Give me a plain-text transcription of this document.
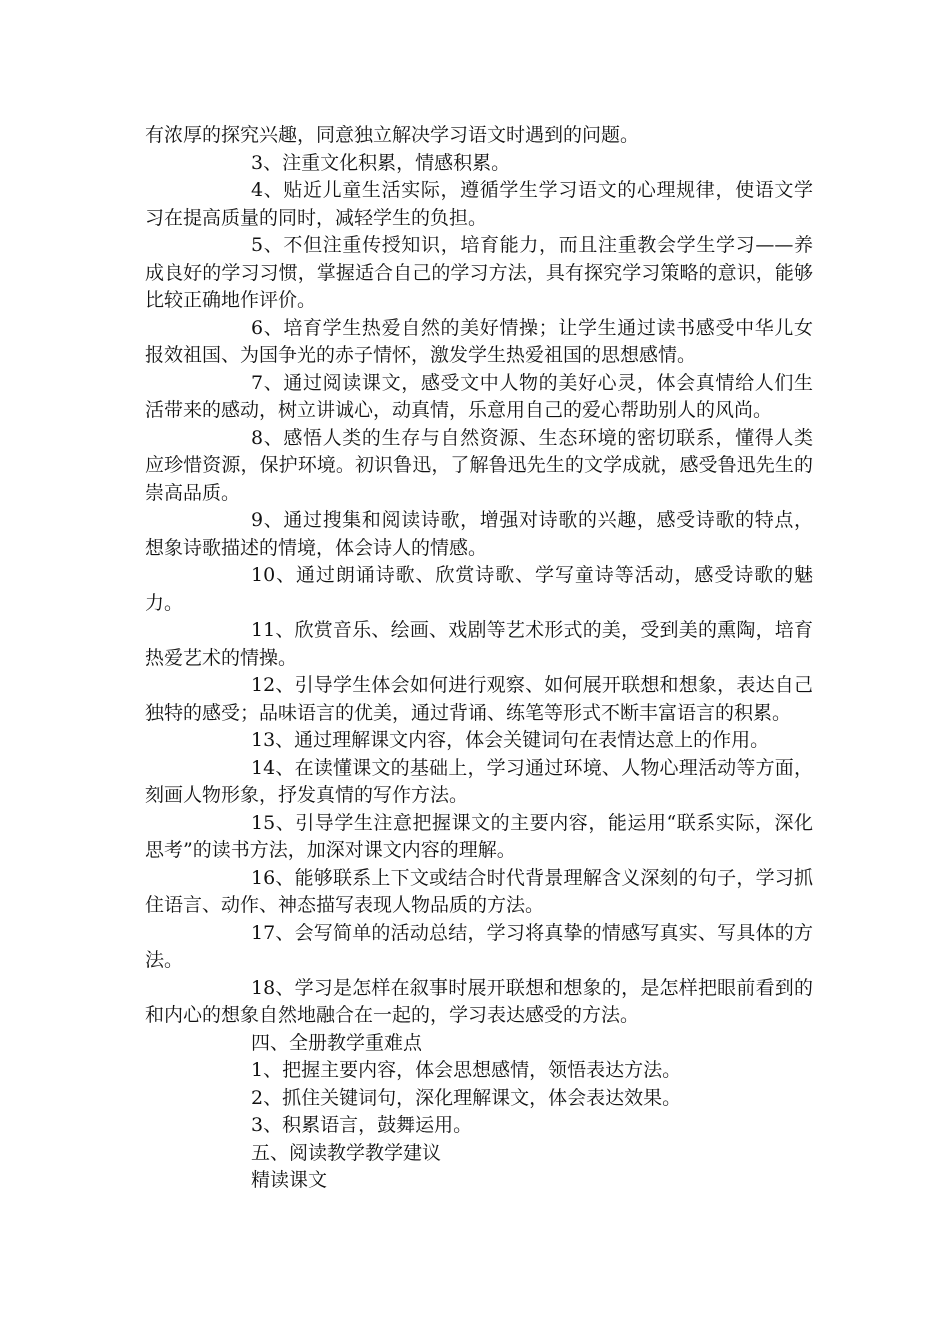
有浓厚的探究兴趣，同意独立解决学习语文时遇到的问题。

3、注重文化积累，情感积累。

4、贴近儿童生活实际，遵循学生学习语文的心理规律，使语文学习在提高质量的同时，减轻学生的负担。

5、不但注重传授知识，培育能力，而且注重教会学生学习——养成良好的学习习惯，掌握适合自己的学习方法，具有探究学习策略的意识，能够比较正确地作评价。

6、培育学生热爱自然的美好情操；让学生通过读书感受中华儿女报效祖国、为国争光的赤子情怀，激发学生热爱祖国的思想感情。

7、通过阅读课文，感受文中人物的美好心灵，体会真情给人们生活带来的感动，树立讲诚心，动真情，乐意用自己的爱心帮助别人的风尚。

8、感悟人类的生存与自然资源、生态环境的密切联系，懂得人类应珍惜资源，保护环境。初识鲁迅，了解鲁迅先生的文学成就，感受鲁迅先生的崇高品质。

9、通过搜集和阅读诗歌，增强对诗歌的兴趣，感受诗歌的特点，想象诗歌描述的情境，体会诗人的情感。

10、通过朗诵诗歌、欣赏诗歌、学写童诗等活动，感受诗歌的魅力。

11、欣赏音乐、绘画、戏剧等艺术形式的美，受到美的熏陶，培育热爱艺术的情操。

12、引导学生体会如何进行观察、如何展开联想和想象，表达自己独特的感受；品味语言的优美，通过背诵、练笔等形式不断丰富语言的积累。

13、通过理解课文内容，体会关键词句在表情达意上的作用。

14、在读懂课文的基础上，学习通过环境、人物心理活动等方面，刻画人物形象，抒发真情的写作方法。

15、引导学生注意把握课文的主要内容，能运用“联系实际，深化思考”的读书方法，加深对课文内容的理解。

16、能够联系上下文或结合时代背景理解含义深刻的句子，学习抓住语言、动作、神态描写表现人物品质的方法。

17、会写简单的活动总结，学习将真挚的情感写真实、写具体的方法。

18、学习是怎样在叙事时展开联想和想象的，是怎样把眼前看到的和内心的想象自然地融合在一起的，学习表达感受的方法。

四、全册教学重难点

1、把握主要内容，体会思想感情，领悟表达方法。

2、抓住关键词句，深化理解课文，体会表达效果。

3、积累语言，鼓舞运用。

五、阅读教学教学建议

精读课文
